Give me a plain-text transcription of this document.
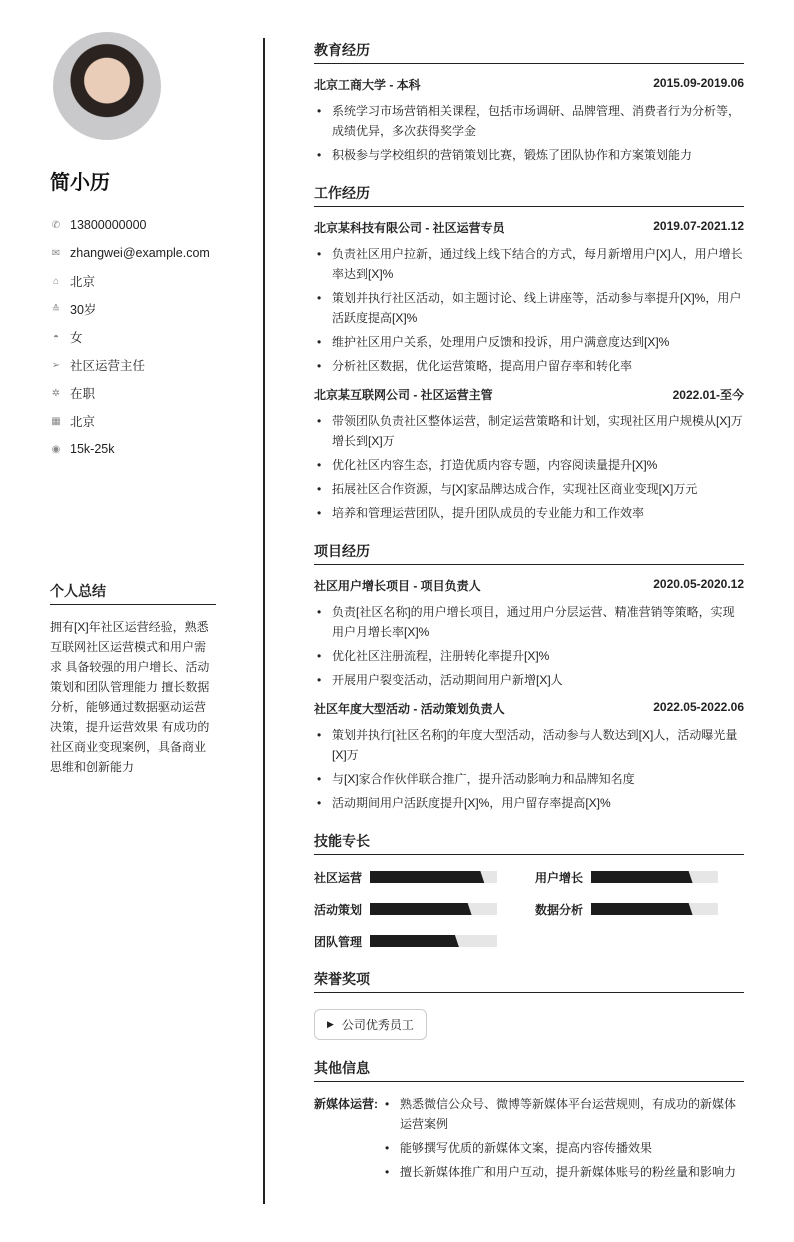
简小历
✆ 13800000000
✉ zhangwei@example.com
⌂ 北京
≙ 30岁
◓ 女
➢ 社区运营主任
✲ 在职
▦ 北京
◉ 15k-25k
个人总结
拥有[X]年社区运营经验，熟悉互联网社区运营模式和用户需求 具备较强的用户增长、活动策划和团队管理能力 擅长数据分析，能够通过数据驱动运营决策，提升运营效果 有成功的社区商业变现案例，具备商业思维和创新能力
教育经历
北京工商大学 - 本科	2015.09-2019.06
• 系统学习市场营销相关课程，包括市场调研、品牌管理、消费者行为分析等，成绩优异，多次获得奖学金
• 积极参与学校组织的营销策划比赛，锻炼了团队协作和方案策划能力
工作经历
北京某科技有限公司 - 社区运营专员	2019.07-2021.12
• 负责社区用户拉新，通过线上线下结合的方式，每月新增用户[X]人，用户增长率达到[X]%
• 策划并执行社区活动，如主题讨论、线上讲座等，活动参与率提升[X]%，用户活跃度提高[X]%
• 维护社区用户关系，处理用户反馈和投诉，用户满意度达到[X]%
• 分析社区数据，优化运营策略，提高用户留存率和转化率
北京某互联网公司 - 社区运营主管	2022.01-至今
• 带领团队负责社区整体运营，制定运营策略和计划，实现社区用户规模从[X]万增长到[X]万
• 优化社区内容生态，打造优质内容专题，内容阅读量提升[X]%
• 拓展社区合作资源，与[X]家品牌达成合作，实现社区商业变现[X]万元
• 培养和管理运营团队，提升团队成员的专业能力和工作效率
项目经历
社区用户增长项目 - 项目负责人	2020.05-2020.12
• 负责[社区名称]的用户增长项目，通过用户分层运营、精准营销等策略，实现用户月增长率[X]%
• 优化社区注册流程，注册转化率提升[X]%
• 开展用户裂变活动，活动期间用户新增[X]人
社区年度大型活动 - 活动策划负责人	2022.05-2022.06
• 策划并执行[社区名称]的年度大型活动，活动参与人数达到[X]人，活动曝光量[X]万
• 与[X]家合作伙伴联合推广，提升活动影响力和品牌知名度
• 活动期间用户活跃度提升[X]%，用户留存率提高[X]%
技能专长
社区运营	用户增长
活动策划	数据分析
团队管理
荣誉奖项
▶ 公司优秀员工
其他信息
新媒体运营:	• 熟悉微信公众号、微博等新媒体平台运营规则，有成功的新媒体运营案例
• 能够撰写优质的新媒体文案，提高内容传播效果
• 擅长新媒体推广和用户互动，提升新媒体账号的粉丝量和影响力
